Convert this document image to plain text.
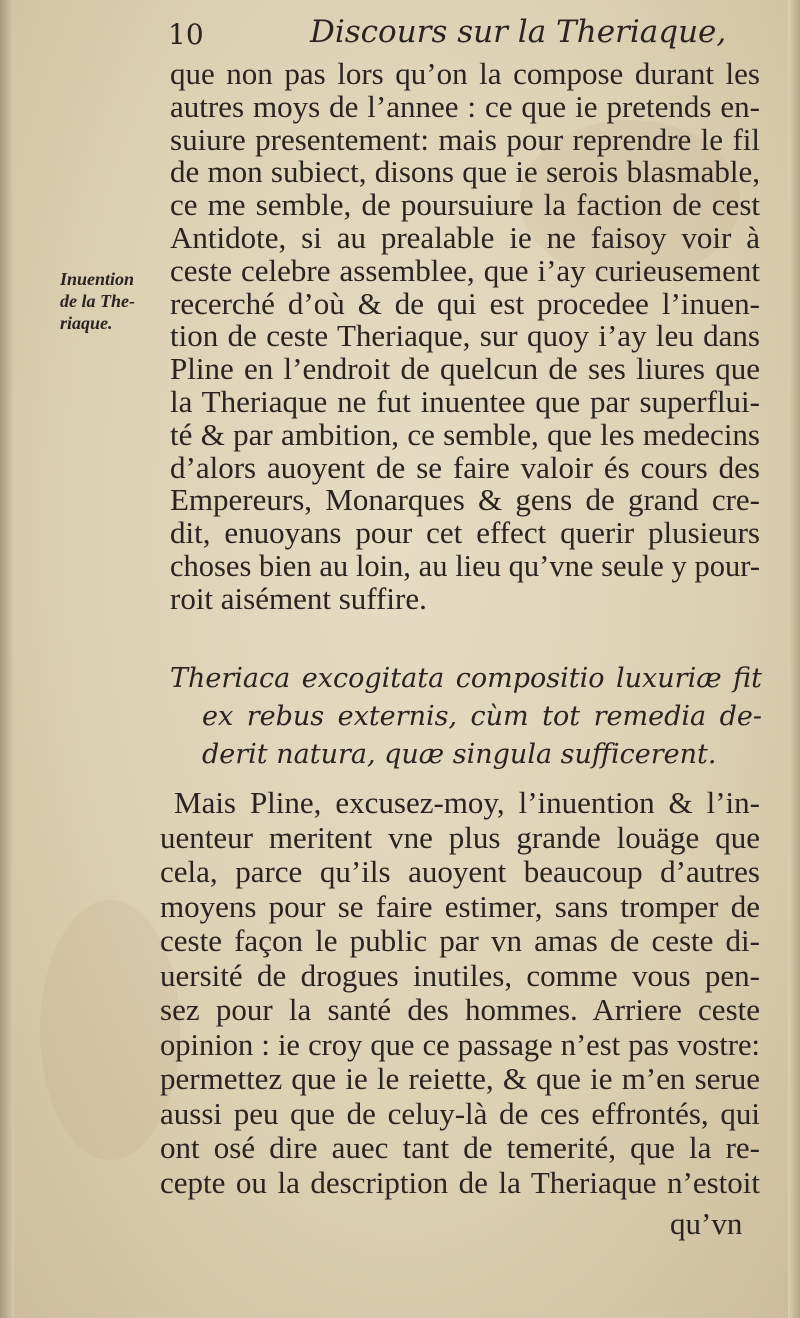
10	Discours sur la Theriaque,
Inuention
de la The-
riaque.
que non pas lors qu’on la compose durant les
autres moys de l’annee : ce que ie pretends en-
suiure presentement: mais pour reprendre le fil
de mon subiect, disons que ie serois blasmable,
ce me semble, de poursuiure la faction de cest
Antidote, si au prealable ie ne faisoy voir à
ceste celebre assemblee, que i’ay curieusement
recerché d’où & de qui est procedee l’inuen-
tion de ceste Theriaque, sur quoy i’ay leu dans
Pline en l’endroit de quelcun de ses liures que
la Theriaque ne fut inuentee que par superflui-
té & par ambition, ce semble, que les medecins
d’alors auoyent de se faire valoir és cours des
Empereurs, Monarques & gens de grand cre-
dit, enuoyans pour cet effect querir plusieurs
choses bien au loin, au lieu qu’vne seule y pour-
roit aisément suffire.
Theriaca excogitata compositio luxuriæ fit
ex rebus externis, cùm tot remedia de-
derit natura, quæ singula sufficerent.
Mais Pline, excusez-moy, l’inuention & l’in-
uenteur meritent vne plus grande louäge que
cela, parce qu’ils auoyent beaucoup d’autres
moyens pour se faire estimer, sans tromper de
ceste façon le public par vn amas de ceste di-
uersité de drogues inutiles, comme vous pen-
sez pour la santé des hommes. Arriere ceste
opinion : ie croy que ce passage n’est pas vostre:
permettez que ie le reiette, & que ie m’en serue
aussi peu que de celuy-là de ces effrontés, qui
ont osé dire auec tant de temerité, que la re-
cepte ou la description de la Theriaque n’estoit
qu’vn
